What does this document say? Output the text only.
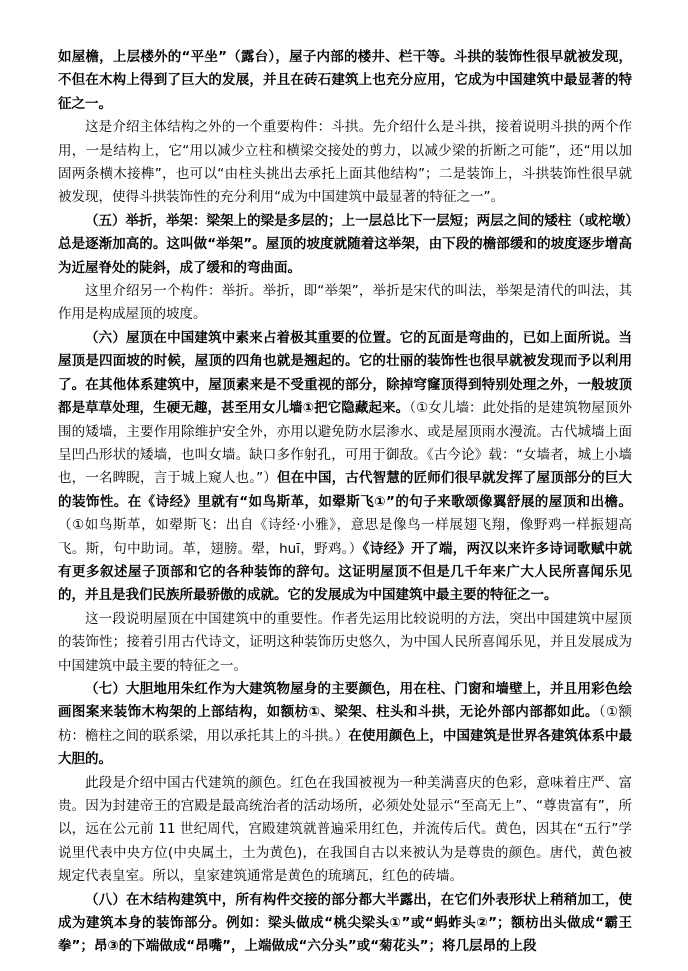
如屋檐，上层楼外的“平坐”（露台），屋子内部的楼井、栏干等。斗拱的装饰性很早就被发现，不但在木构上得到了巨大的发展，并且在砖石建筑上也充分应用，它成为中国建筑中最显著的特征之一。

这是介绍主体结构之外的一个重要构件：斗拱。先介绍什么是斗拱，接着说明斗拱的两个作用，一是结构上，它“用以减少立柱和横梁交接处的剪力，以减少梁的折断之可能”，还“用以加固两条横木接榫”，也可以“由柱头挑出去承托上面其他结构”；二是装饰上，斗拱装饰性很早就被发现，使得斗拱装饰性的充分利用“成为中国建筑中最显著的特征之一”。

（五）举折，举架：梁架上的梁是多层的；上一层总比下一层短；两层之间的矮柱（或柁墩）总是逐渐加高的。这叫做“举架”。屋顶的坡度就随着这举架，由下段的檐部缓和的坡度逐步增高为近屋脊处的陡斜，成了缓和的弯曲面。

这里介绍另一个构件：举折。举折，即“举架”，举折是宋代的叫法，举架是清代的叫法，其作用是构成屋顶的坡度。

（六）屋顶在中国建筑中素来占着极其重要的位置。它的瓦面是弯曲的，已如上面所说。当屋顶是四面坡的时候，屋顶的四角也就是翘起的。它的壮丽的装饰性也很早就被发现而予以利用了。在其他体系建筑中，屋顶素来是不受重视的部分，除掉穹窿顶得到特别处理之外，一般坡顶都是草草处理，生硬无趣，甚至用女儿墙①把它隐藏起来。（①女儿墙：此处指的是建筑物屋顶外围的矮墙，主要作用除维护安全外，亦用以避免防水层渗水、或是屋顶雨水漫流。古代城墙上面呈凹凸形状的矮墙，也叫女墙。缺口多作射孔，可用于御敌。《古今论》载：“女墙者，城上小墙也，一名睥睨，言于城上窥人也。”）但在中国，古代智慧的匠师们很早就发挥了屋顶部分的巨大的装饰性。在《诗经》里就有“如鸟斯革，如翚斯飞①”的句子来歌颂像翼舒展的屋顶和出檐。（①如鸟斯革，如翚斯飞：出自《诗经·小雅》，意思是像鸟一样展翅飞翔，像野鸡一样振翅高飞。斯，句中助词。革，翅膀。翚，huī，野鸡。）《诗经》开了端，两汉以来许多诗词歌赋中就有更多叙述屋子顶部和它的各种装饰的辞句。这证明屋顶不但是几千年来广大人民所喜闻乐见的，并且是我们民族所最骄傲的成就。它的发展成为中国建筑中最主要的特征之一。

这一段说明屋顶在中国建筑中的重要性。作者先运用比较说明的方法，突出中国建筑中屋顶的装饰性；接着引用古代诗文，证明这种装饰历史悠久，为中国人民所喜闻乐见，并且发展成为中国建筑中最主要的特征之一。

（七）大胆地用朱红作为大建筑物屋身的主要颜色，用在柱、门窗和墙壁上，并且用彩色绘画图案来装饰木构架的上部结构，如额枋①、梁架、柱头和斗拱，无论外部内部都如此。（①额枋：檐柱之间的联系梁，用以承托其上的斗拱。）在使用颜色上，中国建筑是世界各建筑体系中最大胆的。

此段是介绍中国古代建筑的颜色。红色在我国被视为一种美满喜庆的色彩，意味着庄严、富贵。因为封建帝王的宫殿是最高统治者的活动场所，必须处处显示“至高无上”、“尊贵富有”，所以，远在公元前 11 世纪周代，宫殿建筑就普遍采用红色，并流传后代。黄色，因其在“五行”学说里代表中央方位(中央属土，土为黄色)，在我国自古以来被认为是尊贵的颜色。唐代，黄色被规定代表皇室。所以，皇家建筑通常是黄色的琉璃瓦，红色的砖墙。

（八）在木结构建筑中，所有构件交接的部分都大半露出，在它们外表形状上稍稍加工，使成为建筑本身的装饰部分。例如：梁头做成“桃尖梁头①”或“蚂蚱头②”；额枋出头做成“霸王拳”；昂③的下端做成“昂嘴”，上端做成“六分头”或“菊花头”；将几层昂的上段
